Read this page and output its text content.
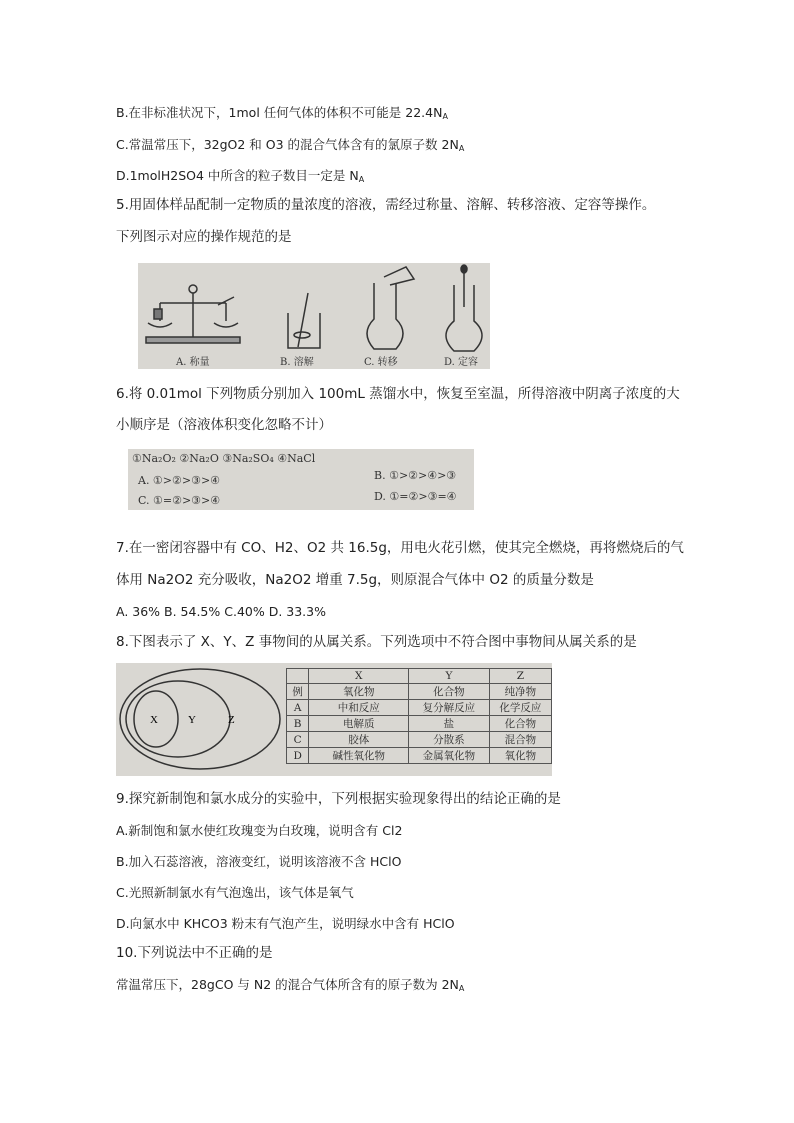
B.在非标准状况下，1mol 任何气体的体积不可能是 $22.4N_A$
C.常温常压下，32gO2 和 O3 的混合气体含有的氯原子数 $2N_A$
D.1molH2SO4 中所含的粒子数目一定是 $N_A$
5.用固体样品配制一定物质的量浓度的溶液，需经过称量、溶解、转移溶液、定容等操作。
下列图示对应的操作规范的是
A. 称量	B. 溶解	C. 转移	D. 定容
6.将 0.01mol 下列物质分别加入 100mL 蒸馏水中，恢复至室温，所得溶液中阴离子浓度的大
小顺序是（溶液体积变化忽略不计）
①Na₂O₂ ②Na₂O ③Na₂SO₄ ④NaCl
A. ①>②>③>④
C. ①=②>③>④
B. ①>②>④>③
D. ①=②>③=④
7.在一密闭容器中有 CO、H2、O2 共 16.5g，用电火花引燃，使其完全燃烧，再将燃烧后的气
体用 Na2O2 充分吸收，Na2O2 增重 7.5g，则原混合气体中 O2 的质量分数是
A. 36% B. 54.5% C.40% D. 33.3%
8.下图表示了 X、Y、Z 事物间的从属关系。下列选项中不符合图中事物间从属关系的是
X	Y	Z
	X	Y	Z
例	氧化物	化合物	纯净物
A	中和反应	复分解反应	化学反应
B	电解质	盐	化合物
C	胶体	分散系	混合物
D	碱性氧化物	金属氧化物	氧化物
9.探究新制饱和氯水成分的实验中，下列根据实验现象得出的结论正确的是
A.新制饱和氯水使红玫瑰变为白玫瑰，说明含有 Cl2
B.加入石蕊溶液，溶液变红，说明该溶液不含 HClO
C.光照新制氯水有气泡逸出，该气体是氧气
D.向氯水中 KHCO3 粉末有气泡产生，说明绿水中含有 HClO
10.下列说法中不正确的是
常温常压下，28gCO 与 N2 的混合气体所含有的原子数为 $2N_A$
